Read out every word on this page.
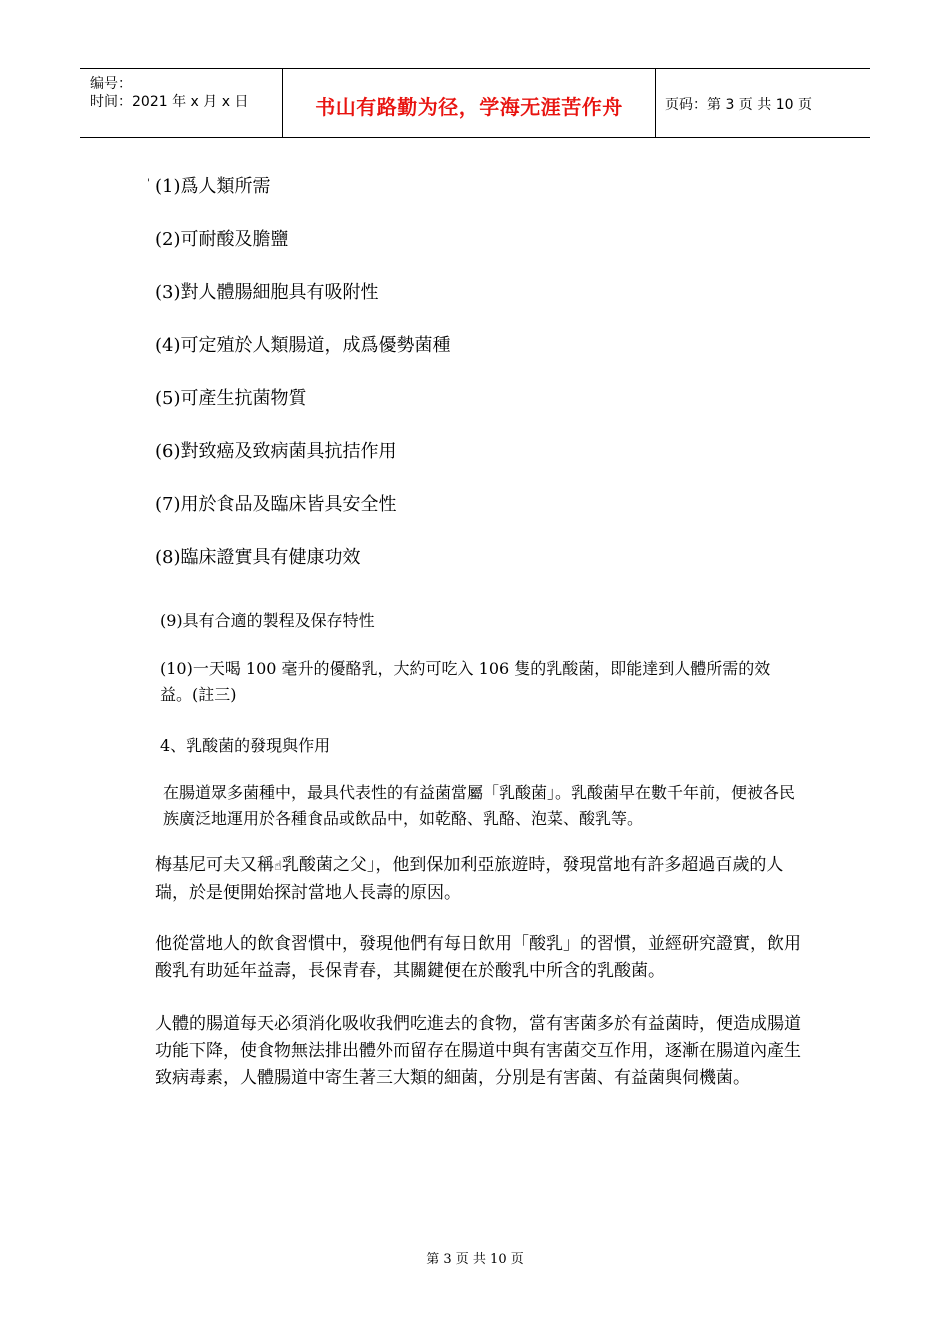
编号：
时间：2021 年 x 月 x 日	书山有路勤为径，学海无涯苦作舟	页码：第 3 页 共 10 页
' (1)爲人類所需
(2)可耐酸及膽鹽
(3)對人體腸細胞具有吸附性
(4)可定殖於人類腸道，成爲優勢菌種
(5)可產生抗菌物質
(6)對致癌及致病菌具抗拮作用
(7)用於食品及臨床皆具安全性
(8)臨床證實具有健康功效
(9)具有合適的製程及保存特性
(10)一天喝 100 毫升的優酪乳，大約可吃入 106 隻的乳酸菌，即能達到人體所需的效益。(註三)
4、乳酸菌的發現與作用
在腸道眾多菌種中，最具代表性的有益菌當屬「乳酸菌」。乳酸菌早在數千年前，便被各民族廣泛地運用於各種食品或飲品中，如乾酪、乳酪、泡菜、酸乳等。
梅基尼可夫又稱☝乳酸菌之父」，他到保加利亞旅遊時，發現當地有許多超過百歲的人瑞，於是便開始探討當地人長壽的原因。
他從當地人的飲食習慣中，發現他們有每日飲用「酸乳」的習慣，並經研究證實，飲用酸乳有助延年益壽，長保青春，其關鍵便在於酸乳中所含的乳酸菌。
人體的腸道每天必須消化吸收我們吃進去的食物，當有害菌多於有益菌時，便造成腸道功能下降，使食物無法排出體外而留存在腸道中與有害菌交互作用，逐漸在腸道內產生致病毒素，人體腸道中寄生著三大類的細菌，分別是有害菌、有益菌與伺機菌。
第 3 页 共 10 页
